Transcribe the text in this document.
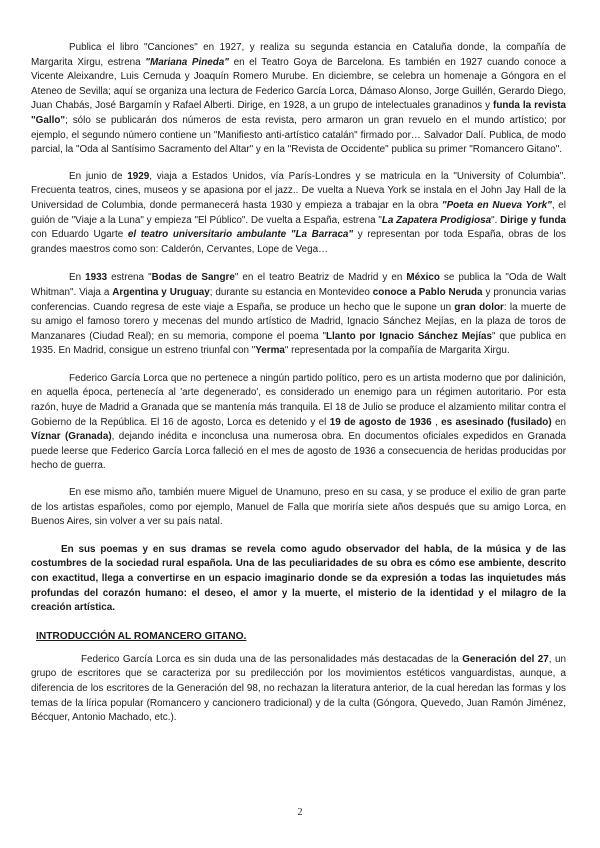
Publica el libro "Canciones" en 1927, y realiza su segunda estancia en Cataluña donde, la compañía de Margarita Xirgu, estrena "Mariana Pineda" en el Teatro Goya de Barcelona. Es también en 1927 cuando conoce a Vicente Aleixandre, Luis Cernuda y Joaquín Romero Murube. En diciembre, se celebra un homenaje a Góngora en el Ateneo de Sevilla; aquí se organiza una lectura de Federico García Lorca, Dámaso Alonso, Jorge Guillén, Gerardo Diego, Juan Chabás, José Bargamín y Rafael Alberti. Dirige, en 1928, a un grupo de intelectuales granadinos y funda la revista "Gallo"; sólo se publicarán dos números de esta revista, pero armaron un gran revuelo en el mundo artístico; por ejemplo, el segundo número contiene un "Manifiesto anti-artístico catalán" firmado por… Salvador Dalí. Publica, de modo parcial, la "Oda al Santísimo Sacramento del Altar" y en la "Revista de Occidente" publica su primer "Romancero Gitano".

En junio de 1929, viaja a Estados Unidos, vía París-Londres y se matricula en la "University of Columbia". Frecuenta teatros, cines, museos y se apasiona por el jazz.. De vuelta a Nueva York se instala en el John Jay Hall de la Universidad de Columbia, donde permanecerá hasta 1930 y empieza a trabajar en la obra "Poeta en Nueva York", el guión de "Viaje a la Luna" y empieza "El Público". De vuelta a España, estrena "La Zapatera Prodigiosa". Dirige y funda con Eduardo Ugarte el teatro universitario ambulante "La Barraca" y representan por toda España, obras de los grandes maestros como son: Calderón, Cervantes, Lope de Vega…

En 1933 estrena "Bodas de Sangre" en el teatro Beatriz de Madrid y en México se publica la "Oda de Walt Whitman". Viaja a Argentina y Uruguay; durante su estancia en Montevideo conoce a Pablo Neruda y pronuncia varias conferencias. Cuando regresa de este viaje a España, se produce un hecho que le supone un gran dolor: la muerte de su amigo el famoso torero y mecenas del mundo artístico de Madrid, Ignacio Sánchez Mejías, en la plaza de toros de Manzanares (Ciudad Real); en su memoria, compone el poema "Llanto por Ignacio Sánchez Mejías" que publica en 1935. En Madrid, consigue un estreno triunfal con "Yerma" representada por la compañía de Margarita Xirgu.

Federico García Lorca que no pertenece a ningún partido político, pero es un artista moderno que por dalinición, en aquella época, pertenecía al 'arte degenerado', es considerado un enemigo para un régimen autoritario. Por esta razón, huye de Madrid a Granada que se mantenía más tranquila. El 18 de Julio se produce el alzamiento militar contra el Gobierno de la República. El 16 de agosto, Lorca es detenido y el 19 de agosto de 1936 , es asesinado (fusilado) en Víznar (Granada), dejando inédita e inconclusa una numerosa obra. En documentos oficiales expedidos en Granada puede leerse que Federico García Lorca falleció en el mes de agosto de 1936 a consecuencia de heridas producidas por hecho de guerra.

En ese mismo año, también muere Miguel de Unamuno, preso en su casa, y se produce el exilio de gran parte de los artistas españoles, como por ejemplo, Manuel de Falla que moriría siete años después que su amigo Lorca, en Buenos Aires, sin volver a ver su país natal.

En sus poemas y en sus dramas se revela como agudo observador del habla, de la música y de las costumbres de la sociedad rural española. Una de las peculiaridades de su obra es cómo ese ambiente, descrito con exactitud, llega a convertirse en un espacio imaginario donde se da expresión a todas las inquietudes más profundas del corazón humano: el deseo, el amor y la muerte, el misterio de la identidad y el milagro de la creación artística.

INTRODUCCIÓN AL ROMANCERO GITANO.

Federico García Lorca es sin duda una de las personalidades más destacadas de la Generación del 27, un grupo de escritores que se caracteriza por su predilección por los movimientos estéticos vanguardistas, aunque, a diferencia de los escritores de la Generación del 98, no rechazan la literatura anterior, de la cual heredan las formas y los temas de la lírica popular (Romancero y cancionero tradicional) y de la culta (Góngora, Quevedo, Juan Ramón Jiménez, Bécquer, Antonio Machado, etc.).

2
